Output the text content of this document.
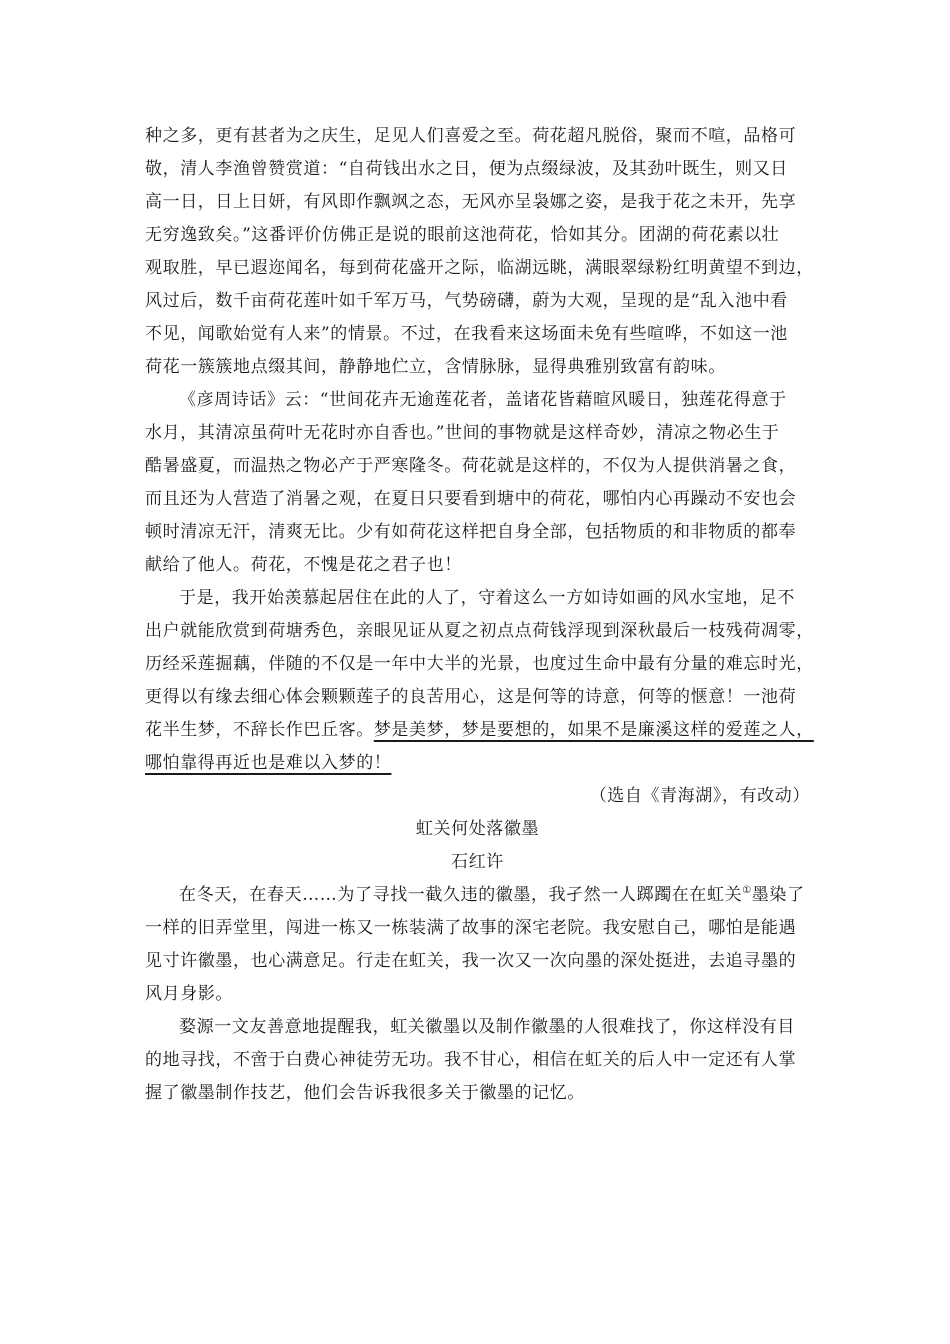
种之多，更有甚者为之庆生，足见人们喜爱之至。荷花超凡脱俗，聚而不喧，品格可
敬，清人李渔曾赞赏道：“自荷钱出水之日，便为点缀绿波，及其劲叶既生，则又日
高一日，日上日妍，有风即作飘飒之态，无风亦呈袅娜之姿，是我于花之未开，先享
无穷逸致矣。”这番评价仿佛正是说的眼前这池荷花，恰如其分。团湖的荷花素以壮
观取胜，早已遐迩闻名，每到荷花盛开之际，临湖远眺，满眼翠绿粉红明黄望不到边，
风过后，数千亩荷花莲叶如千军万马，气势磅礴，蔚为大观，呈现的是“乱入池中看
不见，闻歌始觉有人来”的情景。不过，在我看来这场面未免有些喧哗，不如这一池
荷花一簇簇地点缀其间，静静地伫立，含情脉脉，显得典雅别致富有韵味。
《彦周诗话》云：“世间花卉无逾莲花者，盖诸花皆藉暄风暖日，独莲花得意于
水月，其清凉虽荷叶无花时亦自香也。”世间的事物就是这样奇妙，清凉之物必生于
酷暑盛夏，而温热之物必产于严寒隆冬。荷花就是这样的，不仅为人提供消暑之食，
而且还为人营造了消暑之观，在夏日只要看到塘中的荷花，哪怕内心再躁动不安也会
顿时清凉无汗，清爽无比。少有如荷花这样把自身全部，包括物质的和非物质的都奉
献给了他人。荷花，不愧是花之君子也！
于是，我开始羡慕起居住在此的人了，守着这么一方如诗如画的风水宝地，足不
出户就能欣赏到荷塘秀色，亲眼见证从夏之初点点荷钱浮现到深秋最后一枝残荷凋零，
历经采莲掘藕，伴随的不仅是一年中大半的光景，也度过生命中最有分量的难忘时光，
更得以有缘去细心体会颗颗莲子的良苦用心，这是何等的诗意，何等的惬意！一池荷
花半生梦，不辞长作巴丘客。梦是美梦，梦是要想的，如果不是廉溪这样的爱莲之人，
哪怕靠得再近也是难以入梦的！
（选自《青海湖》，有改动）
虹关何处落徽墨
石红许
在冬天，在春天……为了寻找一截久违的徽墨，我孑然一人踯躅在在虹关①墨染了
一样的旧弄堂里，闯进一栋又一栋装满了故事的深宅老院。我安慰自己，哪怕是能遇
见寸许徽墨，也心满意足。行走在虹关，我一次又一次向墨的深处挺进，去追寻墨的
风月身影。
婺源一文友善意地提醒我，虹关徽墨以及制作徽墨的人很难找了，你这样没有目
的地寻找，不啻于白费心神徒劳无功。我不甘心，相信在虹关的后人中一定还有人掌
握了徽墨制作技艺，他们会告诉我很多关于徽墨的记忆。
